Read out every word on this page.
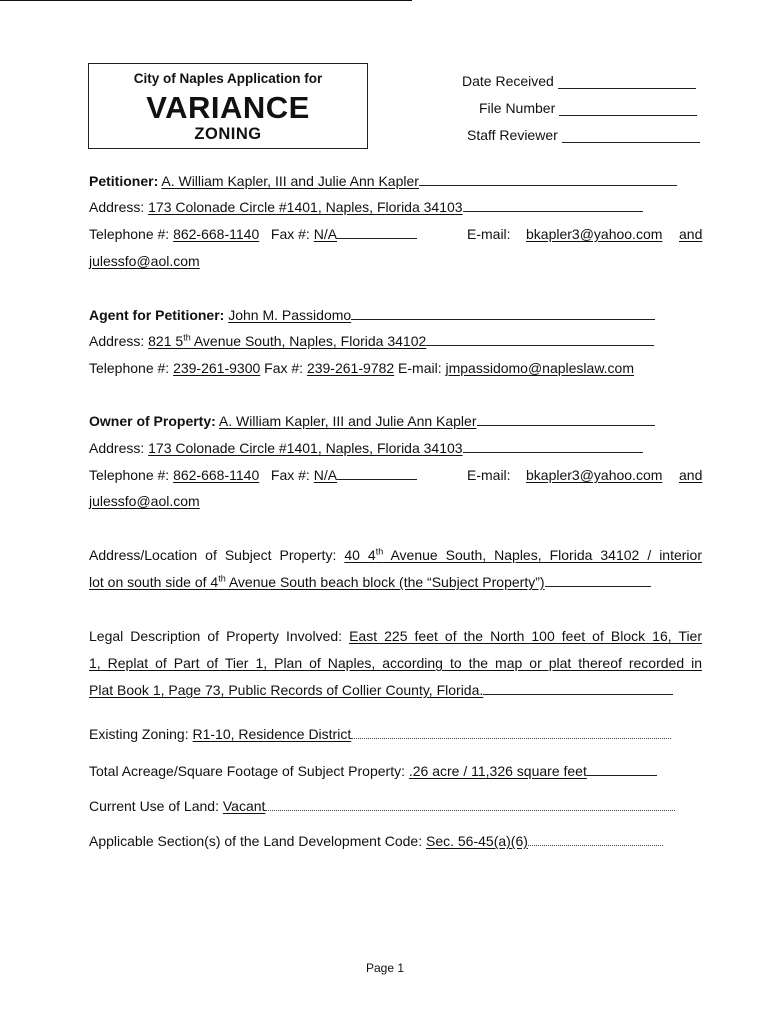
City of Naples Application for
VARIANCE
ZONING
Date Received
File Number
Staff Reviewer
Petitioner: A. William Kapler, III and Julie Ann Kapler
Address: 173 Colonade Circle #1401, Naples, Florida 34103
Telephone #: 862-668-1140 Fax #: N/A	E-mail: bkapler3@yahoo.com and
julessfo@aol.com
Agent for Petitioner: John M. Passidomo
Address: 821 5th Avenue South, Naples, Florida 34102
Telephone #: 239-261-9300 Fax #: 239-261-9782 E-mail: jmpassidomo@napleslaw.com
Owner of Property: A. William Kapler, III and Julie Ann Kapler
Address: 173 Colonade Circle #1401, Naples, Florida 34103
Telephone #: 862-668-1140 Fax #: N/A	E-mail: bkapler3@yahoo.com and
julessfo@aol.com
Address/Location of Subject Property: 40 4th Avenue South, Naples, Florida 34102 / interior
lot on south side of 4th Avenue South beach block (the “Subject Property”)
Legal Description of Property Involved: East 225 feet of the North 100 feet of Block 16, Tier
1, Replat of Part of Tier 1, Plan of Naples, according to the map or plat thereof recorded in
Plat Book 1, Page 73, Public Records of Collier County, Florida.
Existing Zoning: R1-10, Residence District
Total Acreage/Square Footage of Subject Property: .26 acre / 11,326 square feet
Current Use of Land: Vacant
Applicable Section(s) of the Land Development Code: Sec. 56-45(a)(6)
Page 1
